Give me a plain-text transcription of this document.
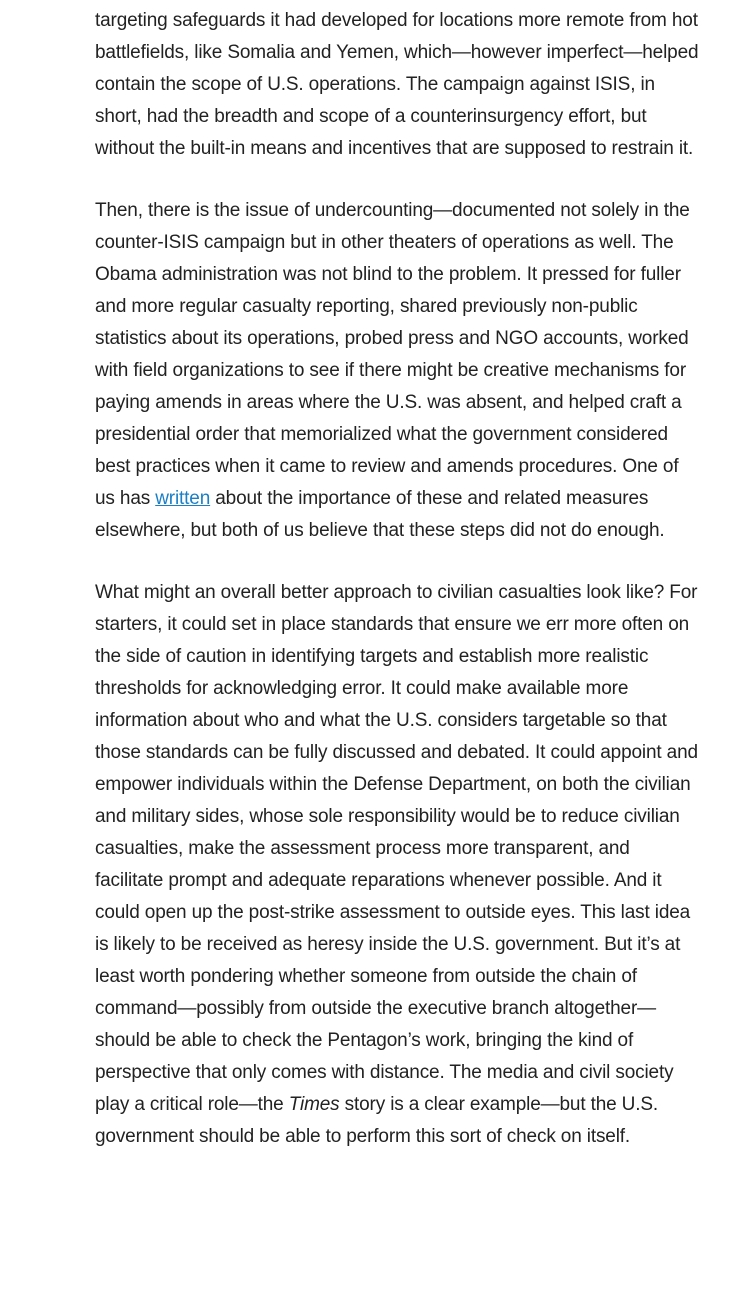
targeting safeguards it had developed for locations more remote from hot battlefields, like Somalia and Yemen, which—however imperfect—helped contain the scope of U.S. operations. The campaign against ISIS, in short, had the breadth and scope of a counterinsurgency effort, but without the built-in means and incentives that are supposed to restrain it.

Then, there is the issue of undercounting—documented not solely in the counter-ISIS campaign but in other theaters of operations as well. The Obama administration was not blind to the problem. It pressed for fuller and more regular casualty reporting, shared previously non-public statistics about its operations, probed press and NGO accounts, worked with field organizations to see if there might be creative mechanisms for paying amends in areas where the U.S. was absent, and helped craft a presidential order that memorialized what the government considered best practices when it came to review and amends procedures. One of us has written about the importance of these and related measures elsewhere, but both of us believe that these steps did not do enough.

What might an overall better approach to civilian casualties look like? For starters, it could set in place standards that ensure we err more often on the side of caution in identifying targets and establish more realistic thresholds for acknowledging error. It could make available more information about who and what the U.S. considers targetable so that those standards can be fully discussed and debated. It could appoint and empower individuals within the Defense Department, on both the civilian and military sides, whose sole responsibility would be to reduce civilian casualties, make the assessment process more transparent, and facilitate prompt and adequate reparations whenever possible. And it could open up the post-strike assessment to outside eyes. This last idea is likely to be received as heresy inside the U.S. government. But it’s at least worth pondering whether someone from outside the chain of command—possibly from outside the executive branch altogether—should be able to check the Pentagon’s work, bringing the kind of perspective that only comes with distance. The media and civil society play a critical role—the Times story is a clear example—but the U.S. government should be able to perform this sort of check on itself.
